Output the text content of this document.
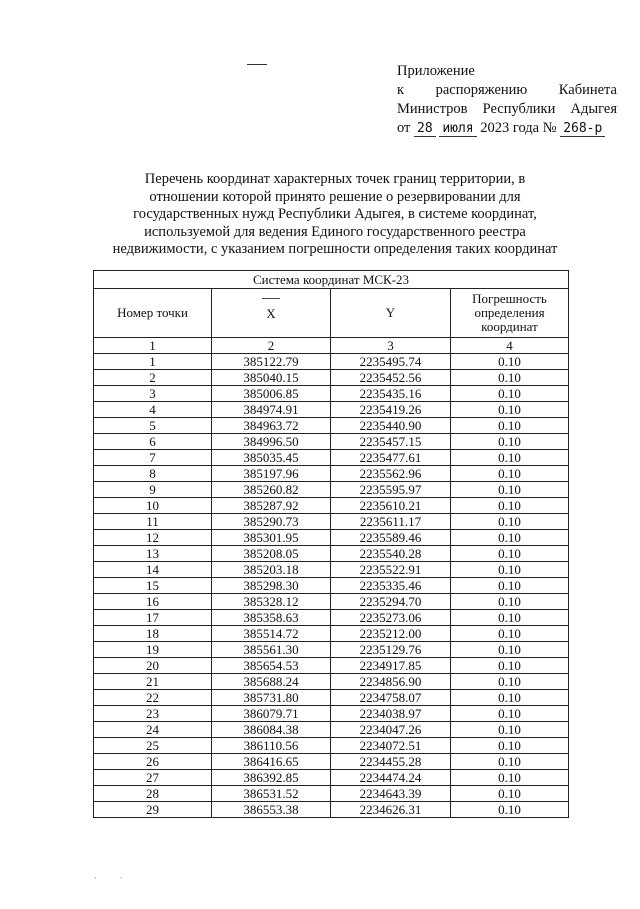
Приложение
к распоряжению Кабинета
Министров Республики Адыгея
от 28 июля 2023 года № 268-р
Перечень координат характерных точек границ территории, в
отношении которой принято решение о резервировании для
государственных нужд Республики Адыгея, в системе координат,
используемой для ведения Единого государственного реестра
недвижимости, с указанием погрешности определения таких координат
Система координат МСК-23			
Номер точки	X	Y	Погрешность определения координат
1	2	3	4
1	385122.79	2235495.74	0.10
2	385040.15	2235452.56	0.10
3	385006.85	2235435.16	0.10
4	384974.91	2235419.26	0.10
5	384963.72	2235440.90	0.10
6	384996.50	2235457.15	0.10
7	385035.45	2235477.61	0.10
8	385197.96	2235562.96	0.10
9	385260.82	2235595.97	0.10
10	385287.92	2235610.21	0.10
11	385290.73	2235611.17	0.10
12	385301.95	2235589.46	0.10
13	385208.05	2235540.28	0.10
14	385203.18	2235522.91	0.10
15	385298.30	2235335.46	0.10
16	385328.12	2235294.70	0.10
17	385358.63	2235273.06	0.10
18	385514.72	2235212.00	0.10
19	385561.30	2235129.76	0.10
20	385654.53	2234917.85	0.10
21	385688.24	2234856.90	0.10
22	385731.80	2234758.07	0.10
23	386079.71	2234038.97	0.10
24	386084.38	2234047.26	0.10
25	386110.56	2234072.51	0.10
26	386416.65	2234455.28	0.10
27	386392.85	2234474.24	0.10
28	386531.52	2234643.39	0.10
29	386553.38	2234626.31	0.10
˙          ˙
